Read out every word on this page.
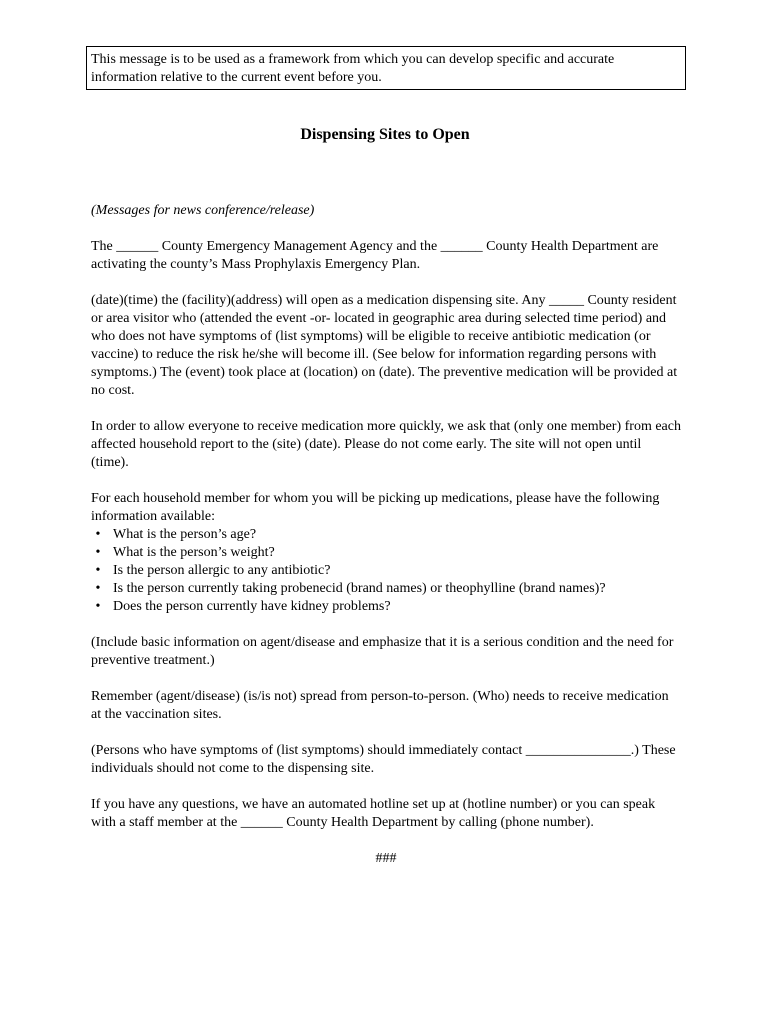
This message is to be used as a framework from which you can develop specific and accurate information relative to the current event before you.
Dispensing Sites to Open

(Messages for news conference/release)

The ______ County Emergency Management Agency and the ______ County Health Department are activating the county’s Mass Prophylaxis Emergency Plan.

(date)(time) the (facility)(address) will open as a medication dispensing site. Any _____ County resident or area visitor who (attended the event -or- located in geographic area during selected time period) and who does not have symptoms of (list symptoms) will be eligible to receive antibiotic medication (or vaccine) to reduce the risk he/she will become ill. (See below for information regarding persons with symptoms.) The (event) took place at (location) on (date). The preventive medication will be provided at no cost.

In order to allow everyone to receive medication more quickly, we ask that (only one member) from each affected household report to the (site) (date). Please do not come early. The site will not open until (time).

For each household member for whom you will be picking up medications, please have the following information available:

• What is the person’s age?
• What is the person’s weight?
• Is the person allergic to any antibiotic?
• Is the person currently taking probenecid (brand names) or theophylline (brand names)?
• Does the person currently have kidney problems?

(Include basic information on agent/disease and emphasize that it is a serious condition and the need for preventive treatment.)

Remember (agent/disease) (is/is not) spread from person-to-person. (Who) needs to receive medication at the vaccination sites.

(Persons who have symptoms of (list symptoms) should immediately contact _______________.) These individuals should not come to the dispensing site.

If you have any questions, we have an automated hotline set up at (hotline number) or you can speak with a staff member at the ______ County Health Department by calling (phone number).

###
